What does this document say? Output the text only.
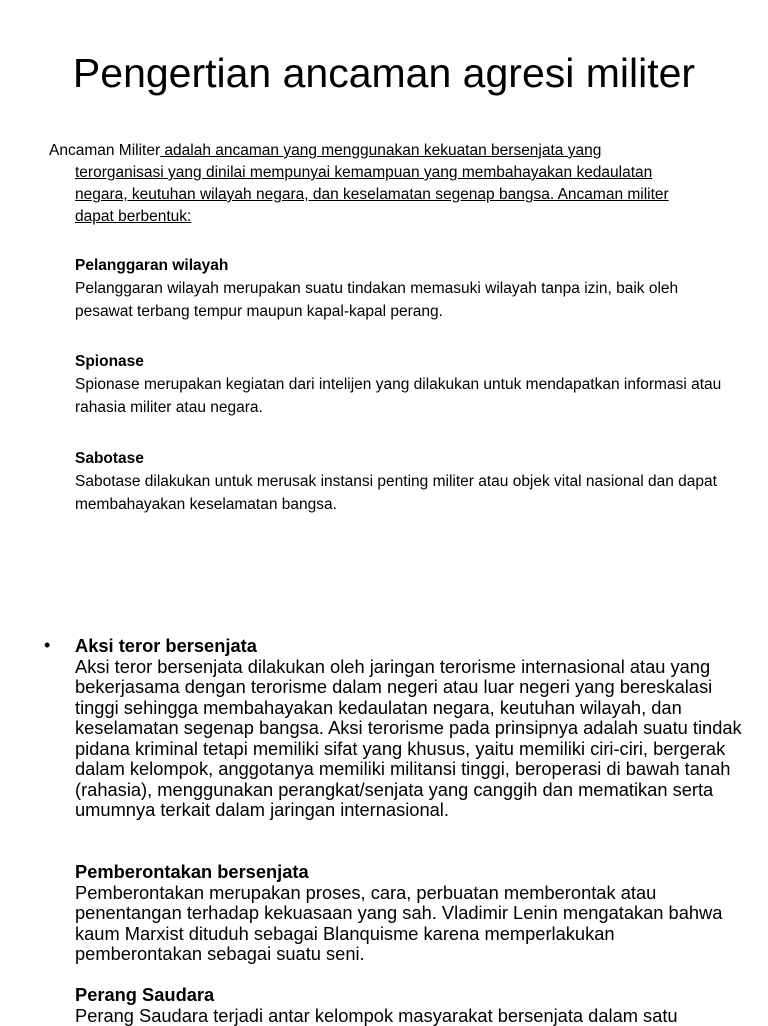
Pengertian ancaman agresi militer
Ancaman Militer adalah ancaman yang menggunakan kekuatan bersenjata yang
terorganisasi yang dinilai mempunyai kemampuan yang membahayakan kedaulatan negara, keutuhan wilayah negara, dan keselamatan segenap bangsa. Ancaman militer dapat berbentuk:
Pelanggaran wilayah
Pelanggaran wilayah merupakan suatu tindakan memasuki wilayah tanpa izin, baik oleh pesawat terbang tempur maupun kapal-kapal perang.
Spionase
Spionase merupakan kegiatan dari intelijen yang dilakukan untuk mendapatkan informasi atau rahasia militer atau negara.
Sabotase
Sabotase dilakukan untuk merusak instansi penting militer atau objek vital nasional dan dapat membahayakan keselamatan bangsa.
• Aksi teror bersenjata
Aksi teror bersenjata dilakukan oleh jaringan terorisme internasional atau yang bekerjasama dengan terorisme dalam negeri atau luar negeri yang bereskalasi tinggi sehingga membahayakan kedaulatan negara, keutuhan wilayah, dan keselamatan segenap bangsa. Aksi terorisme pada prinsipnya adalah suatu tindak pidana kriminal tetapi memiliki sifat yang khusus, yaitu memiliki ciri-ciri, bergerak dalam kelompok, anggotanya memiliki militansi tinggi, beroperasi di bawah tanah (rahasia), menggunakan perangkat/senjata yang canggih dan mematikan serta umumnya terkait dalam jaringan internasional.
Pemberontakan bersenjata
Pemberontakan merupakan proses, cara, perbuatan memberontak atau penentangan terhadap kekuasaan yang sah. Vladimir Lenin mengatakan bahwa kaum Marxist dituduh sebagai Blanquisme karena memperlakukan pemberontakan sebagai suatu seni.
Perang Saudara
Perang Saudara terjadi antar kelompok masyarakat bersenjata dalam satu
